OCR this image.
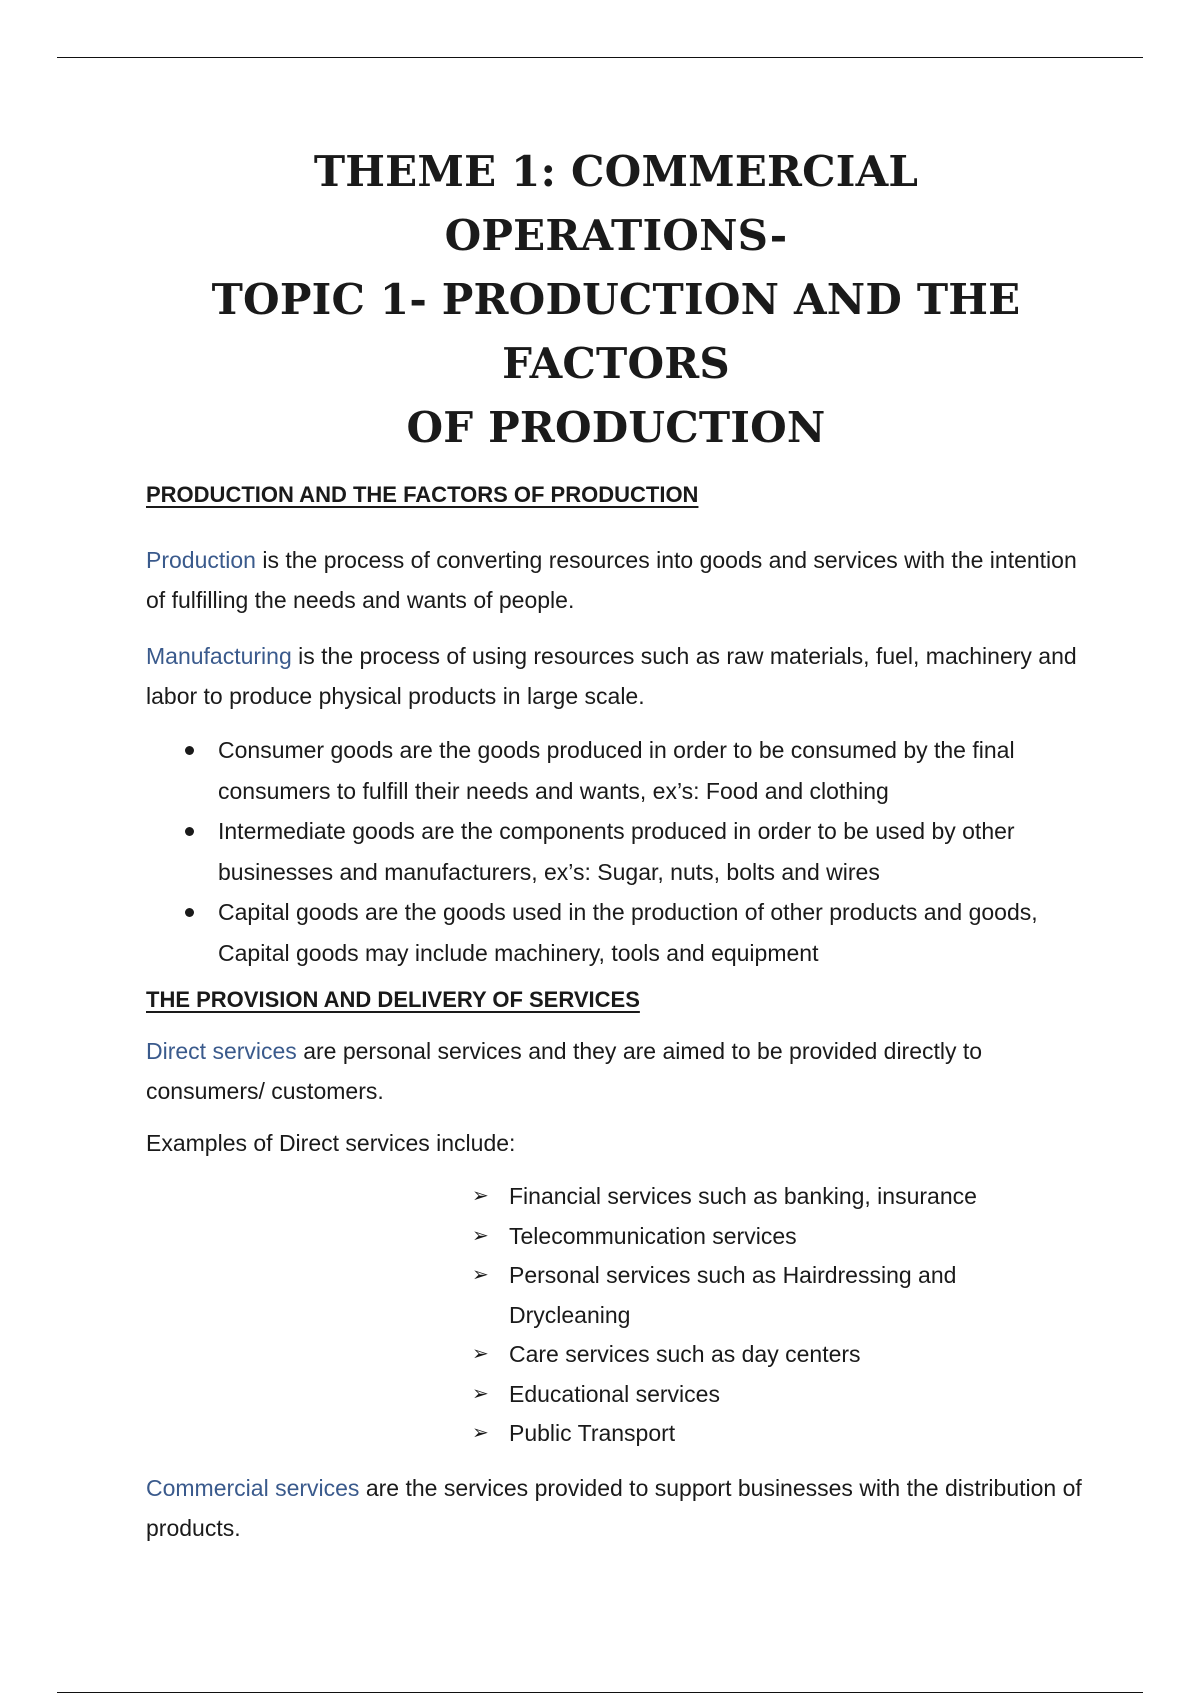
THEME 1: COMMERCIAL OPERATIONS-
TOPIC 1- PRODUCTION AND THE FACTORS
OF PRODUCTION
PRODUCTION AND THE FACTORS OF PRODUCTION

Production is the process of converting resources into goods and services with the intention of fulfilling the needs and wants of people.

Manufacturing is the process of using resources such as raw materials, fuel, machinery and labor to produce physical products in large scale.

Consumer goods are the goods produced in order to be consumed by the final consumers to fulfill their needs and wants, ex’s: Food and clothing
Intermediate goods are the components produced in order to be used by other businesses and manufacturers, ex’s: Sugar, nuts, bolts and wires
Capital goods are the goods used in the production of other products and goods, Capital goods may include machinery, tools and equipment
THE PROVISION AND DELIVERY OF SERVICES

Direct services are personal services and they are aimed to be provided directly to consumers/ customers.

Examples of Direct services include:

➢ Financial services such as banking, insurance
➢ Telecommunication services
➢ Personal services such as Hairdressing and Drycleaning
➢ Care services such as day centers
➢ Educational services
➢ Public Transport

Commercial services are the services provided to support businesses with the distribution of products.
